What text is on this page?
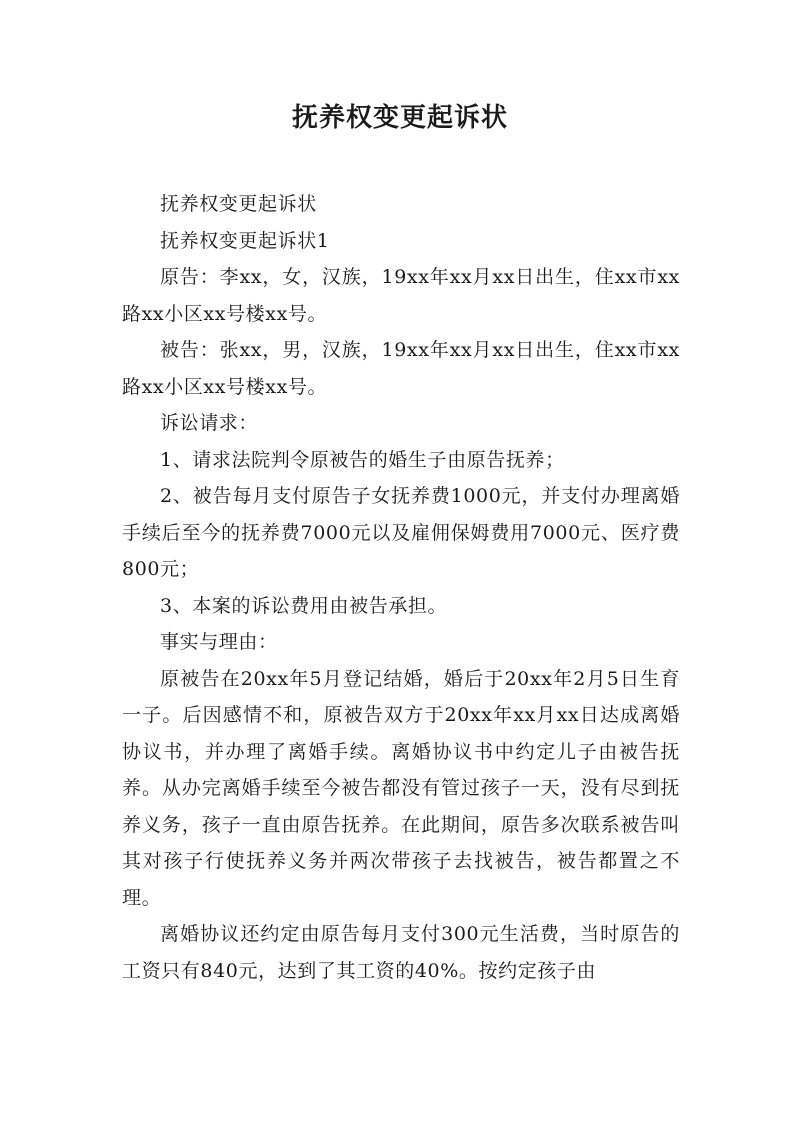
抚养权变更起诉状

抚养权变更起诉状

抚养权变更起诉状1

原告：李xx，女，汉族，19xx年xx月xx日出生，住xx市xx路xx小区xx号楼xx号。

被告：张xx，男，汉族，19xx年xx月xx日出生，住xx市xx路xx小区xx号楼xx号。

诉讼请求：

1、请求法院判令原被告的婚生子由原告抚养；

2、被告每月支付原告子女抚养费1000元，并支付办理离婚手续后至今的抚养费7000元以及雇佣保姆费用7000元、医疗费800元；

3、本案的诉讼费用由被告承担。

事实与理由：

原被告在20xx年5月登记结婚，婚后于20xx年2月5日生育一子。后因感情不和，原被告双方于20xx年xx月xx日达成离婚协议书，并办理了离婚手续。离婚协议书中约定儿子由被告抚养。从办完离婚手续至今被告都没有管过孩子一天，没有尽到抚养义务，孩子一直由原告抚养。在此期间，原告多次联系被告叫其对孩子行使抚养义务并两次带孩子去找被告，被告都置之不理。

离婚协议还约定由原告每月支付300元生活费，当时原告的工资只有840元，达到了其工资的40%。按约定孩子由
